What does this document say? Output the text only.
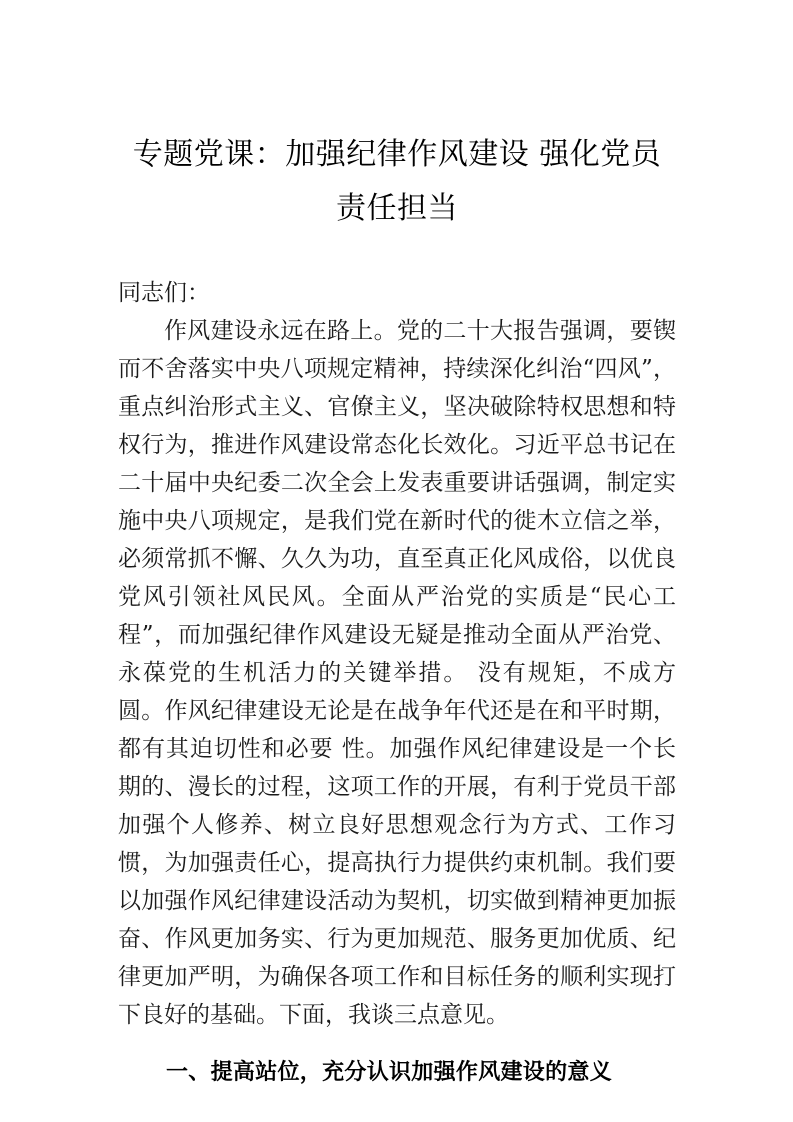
专题党课：加强纪律作风建设 强化党员责任担当

同志们：

作风建设永远在路上。党的二十大报告强调，要锲而不舍落实中央八项规定精神，持续深化纠治“四风”，重点纠治形式主义、官僚主义，坚决破除特权思想和特权行为，推进作风建设常态化长效化。习近平总书记在二十届中央纪委二次全会上发表重要讲话强调，制定实施中央八项规定，是我们党在新时代的徙木立信之举，必须常抓不懈、久久为功，直至真正化风成俗，以优良党风引领社风民风。全面从严治党的实质是“民心工程”，而加强纪律作风建设无疑是推动全面从严治党、永葆党的生机活力的关键举措。 没有规矩，不成方圆。作风纪律建设无论是在战争年代还是在和平时期，都有其迫切性和必要 性。加强作风纪律建设是一个长期的、漫长的过程，这项工作的开展，有利于党员干部加强个人修养、树立良好思想观念行为方式、工作习惯，为加强责任心，提高执行力提供约束机制。我们要以加强作风纪律建设活动为契机，切实做到精神更加振奋、作风更加务实、行为更加规范、服务更加优质、纪律更加严明，为确保各项工作和目标任务的顺利实现打下良好的基础。下面，我谈三点意见。

一、提高站位，充分认识加强作风建设的意义
